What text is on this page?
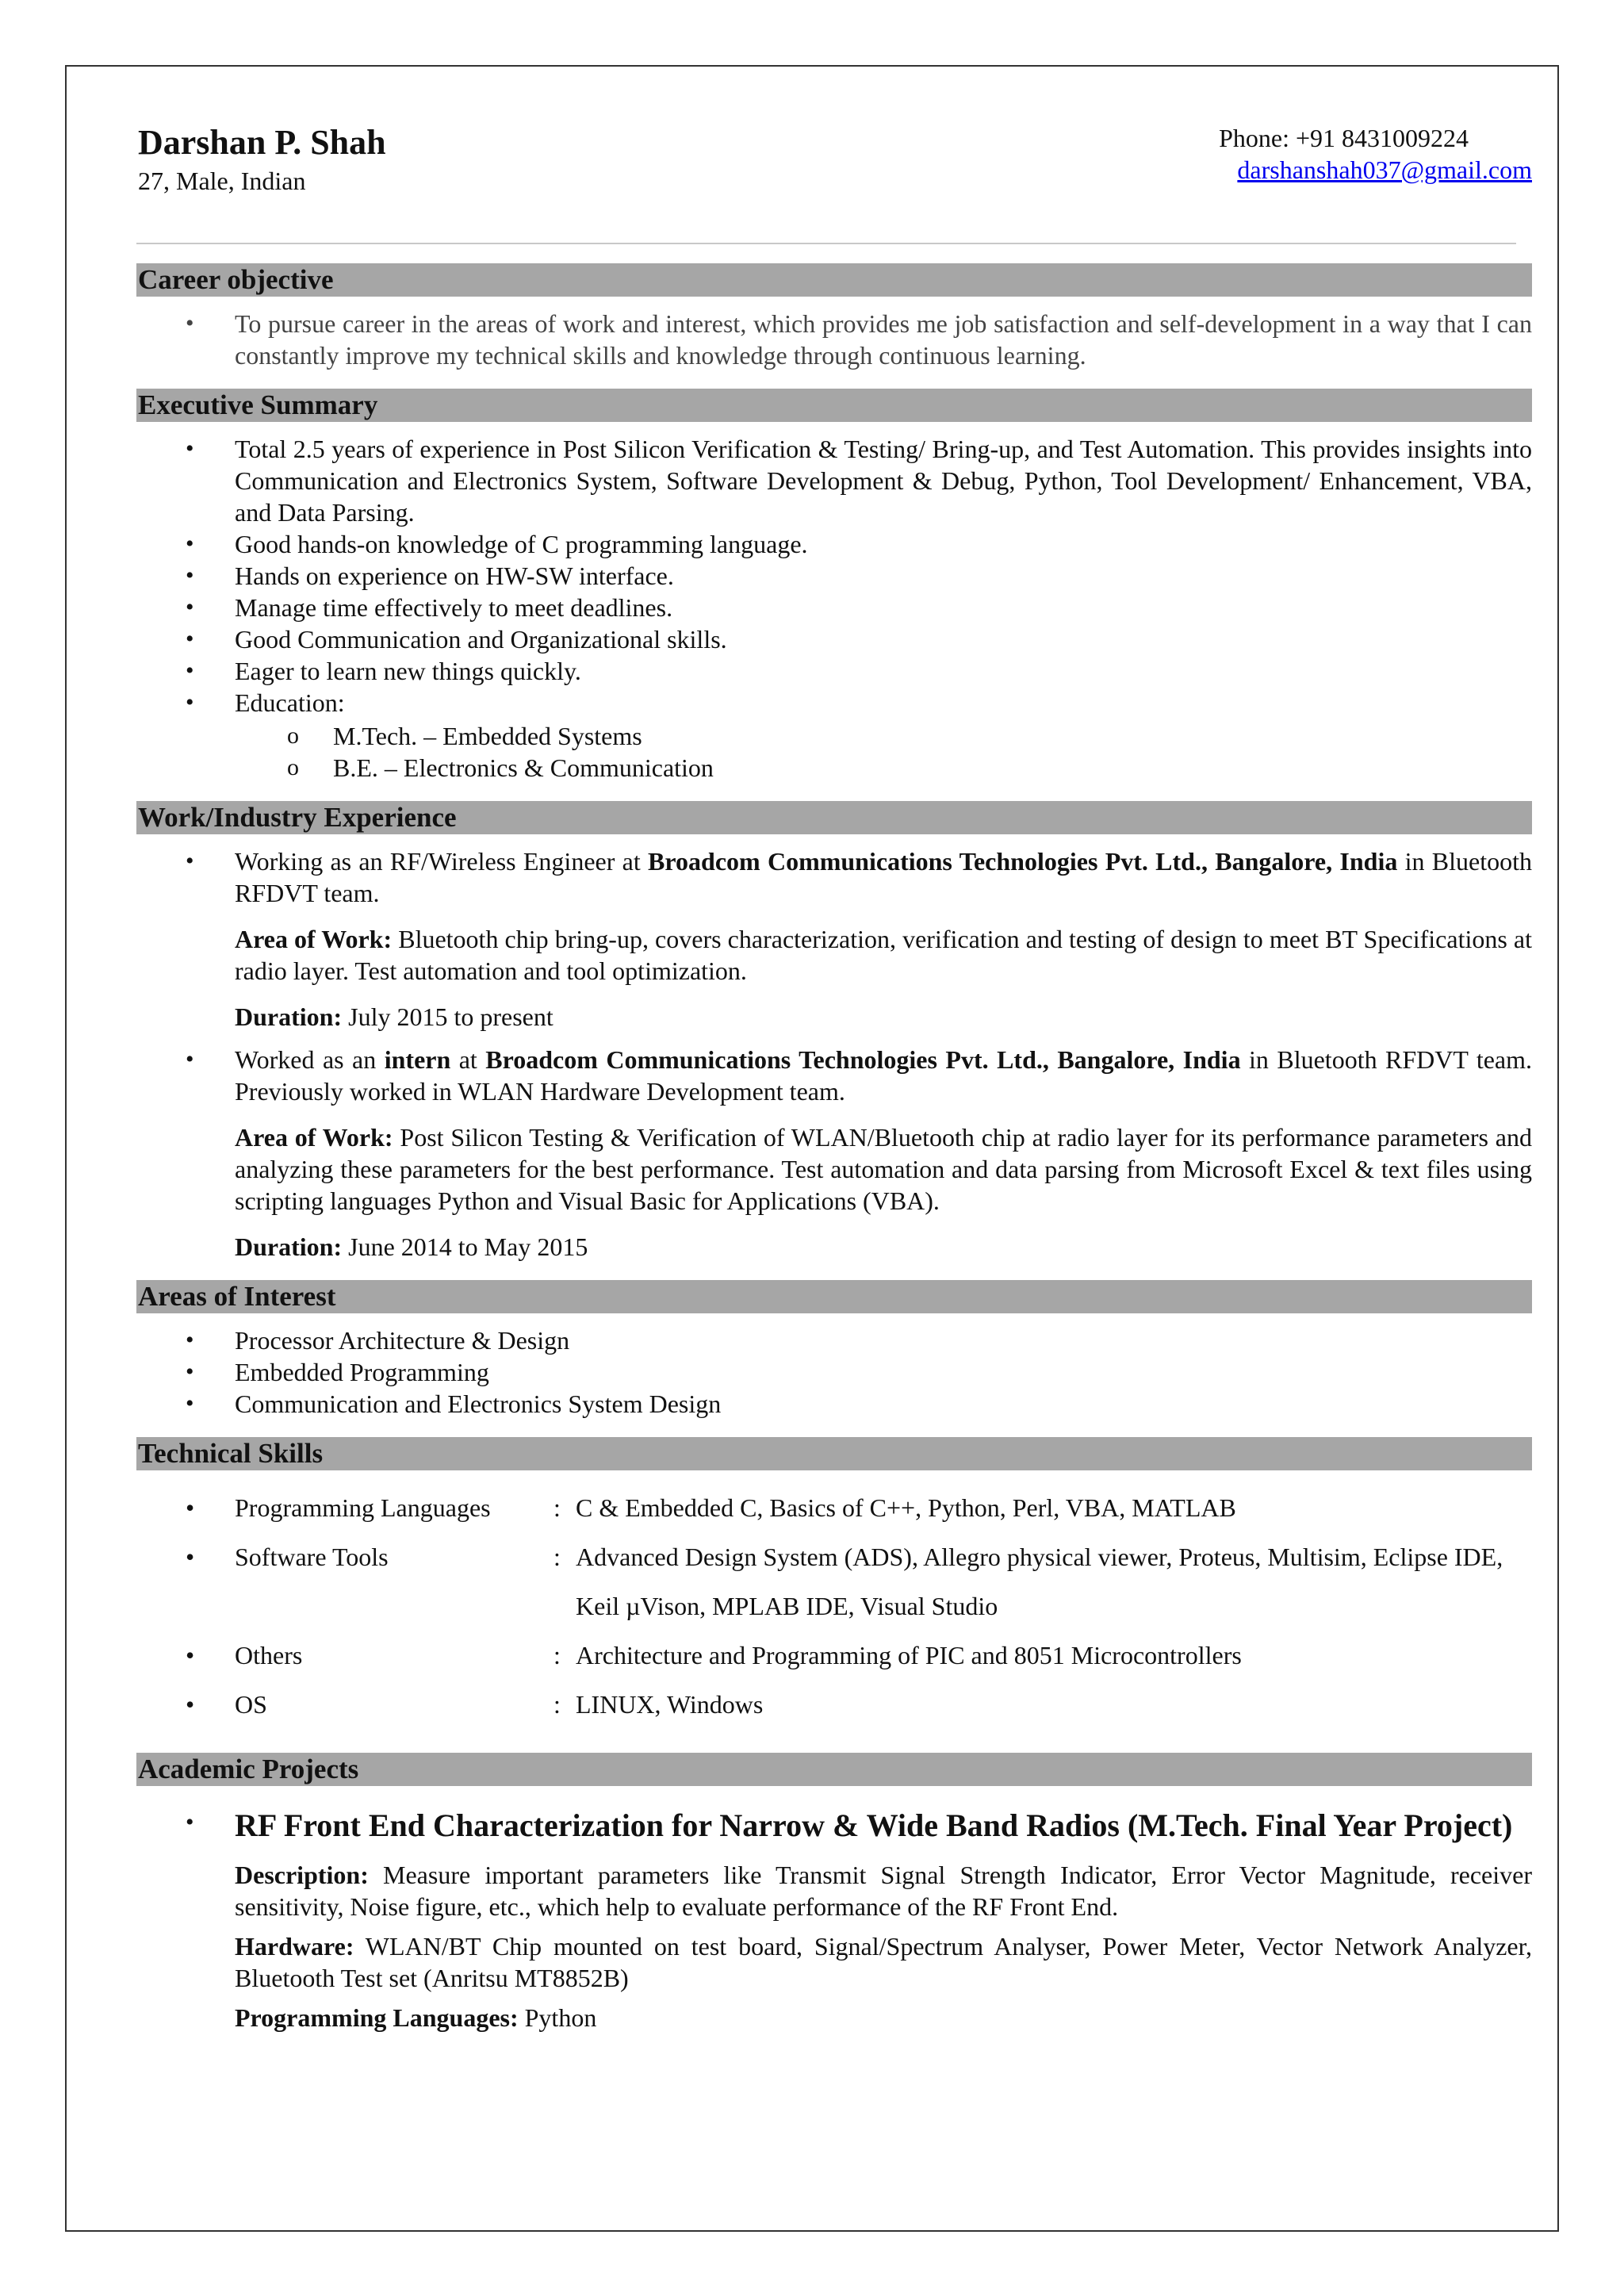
Darshan P. Shah
27, Male, Indian
Phone: +91 8431009224
darshanshah037@gmail.com
Career objective
• To pursue career in the areas of work and interest, which provides me job satisfaction and self-development in a way that I can constantly improve my technical skills and knowledge through continuous learning.
Executive Summary
• Total 2.5 years of experience in Post Silicon Verification & Testing/ Bring-up, and Test Automation. This provides insights into Communication and Electronics System, Software Development & Debug, Python, Tool Development/ Enhancement, VBA, and Data Parsing.
• Good hands-on knowledge of C programming language.
• Hands on experience on HW-SW interface.
• Manage time effectively to meet deadlines.
• Good Communication and Organizational skills.
• Eager to learn new things quickly.
• Education:
o M.Tech. – Embedded Systems
o B.E. – Electronics & Communication
Work/Industry Experience
• Working as an RF/Wireless Engineer at Broadcom Communications Technologies Pvt. Ltd., Bangalore, India in Bluetooth RFDVT team.
Area of Work: Bluetooth chip bring-up, covers characterization, verification and testing of design to meet BT Specifications at radio layer. Test automation and tool optimization.
Duration: July 2015 to present
• Worked as an intern at Broadcom Communications Technologies Pvt. Ltd., Bangalore, India in Bluetooth RFDVT team. Previously worked in WLAN Hardware Development team.
Area of Work: Post Silicon Testing & Verification of WLAN/Bluetooth chip at radio layer for its performance parameters and analyzing these parameters for the best performance. Test automation and data parsing from Microsoft Excel & text files using scripting languages Python and Visual Basic for Applications (VBA).
Duration: June 2014 to May 2015
Areas of Interest
• Processor Architecture & Design
• Embedded Programming
• Communication and Electronics System Design
Technical Skills
• Programming Languages	: C & Embedded C, Basics of C++, Python, Perl, VBA, MATLAB
• Software Tools	: Advanced Design System (ADS), Allegro physical viewer, Proteus, Multisim, Eclipse IDE, Keil µVison, MPLAB IDE, Visual Studio
• Others	: Architecture and Programming of PIC and 8051 Microcontrollers
• OS	: LINUX, Windows
Academic Projects
• RF Front End Characterization for Narrow & Wide Band Radios (M.Tech. Final Year Project)
Description: Measure important parameters like Transmit Signal Strength Indicator, Error Vector Magnitude, receiver sensitivity, Noise figure, etc., which help to evaluate performance of the RF Front End.
Hardware: WLAN/BT Chip mounted on test board, Signal/Spectrum Analyser, Power Meter, Vector Network Analyzer, Bluetooth Test set (Anritsu MT8852B)
Programming Languages: Python
